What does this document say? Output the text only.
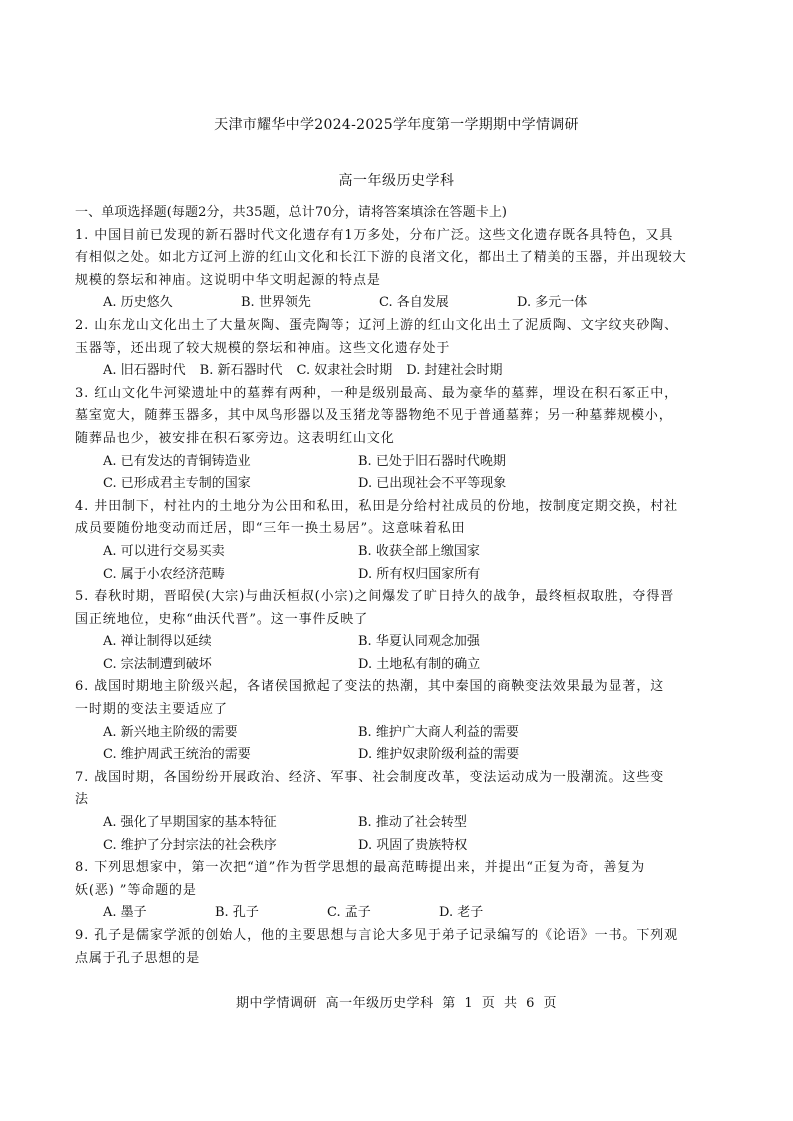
天津市耀华中学2024-2025学年度第一学期期中学情调研
高一年级历史学科
一、单项选择题(每题2分，共35题，总计70分，请将答案填涂在答题卡上)
1. 中国目前已发现的新石器时代文化遗存有1万多处，分布广泛。这些文化遗存既各具特色，又具
有相似之处。如北方辽河上游的红山文化和长江下游的良渚文化，都出土了精美的玉器，并出现较大
规模的祭坛和神庙。这说明中华文明起源的特点是
A. 历史悠久	B. 世界领先	C. 各自发展	D. 多元一体
2. 山东龙山文化出土了大量灰陶、蛋壳陶等；辽河上游的红山文化出土了泥质陶、文字纹夹砂陶、
玉器等，还出现了较大规模的祭坛和神庙。这些文化遗存处于
A. 旧石器时代 B. 新石器时代 C. 奴隶社会时期 D. 封建社会时期
3. 红山文化牛河梁遗址中的墓葬有两种，一种是级别最高、最为豪华的墓葬，埋设在积石冢正中，
墓室宽大，随葬玉器多，其中凤鸟形器以及玉猪龙等器物绝不见于普通墓葬；另一种墓葬规模小，
随葬品也少，被安排在积石冢旁边。这表明红山文化
A. 已有发达的青铜铸造业	B. 已处于旧石器时代晚期
C. 已形成君主专制的国家	D. 已出现社会不平等现象
4. 井田制下，村社内的土地分为公田和私田，私田是分给村社成员的份地，按制度定期交换，村社
成员要随份地变动而迁居，即“三年一换土易居”。这意味着私田
A. 可以进行交易买卖	B. 收获全部上缴国家
C. 属于小农经济范畴	D. 所有权归国家所有
5. 春秋时期，晋昭侯(大宗)与曲沃桓叔(小宗)之间爆发了旷日持久的战争，最终桓叔取胜，夺得晋
国正统地位，史称“曲沃代晋”。这一事件反映了
A. 禅让制得以延续	B. 华夏认同观念加强
C. 宗法制遭到破坏	D. 土地私有制的确立
6. 战国时期地主阶级兴起，各诸侯国掀起了变法的热潮，其中秦国的商鞅变法效果最为显著，这
一时期的变法主要适应了
A. 新兴地主阶级的需要	B. 维护广大商人利益的需要
C. 维护周武王统治的需要	D. 维护奴隶阶级利益的需要
7. 战国时期，各国纷纷开展政治、经济、军事、社会制度改革，变法运动成为一股潮流。这些变
法
A. 强化了早期国家的基本特征	B. 推动了社会转型
C. 维护了分封宗法的社会秩序	D. 巩固了贵族特权
8. 下列思想家中，第一次把“道”作为哲学思想的最高范畴提出来，并提出“正复为奇，善复为
妖(恶) ”等命题的是
A. 墨子	B. 孔子	C. 孟子	D. 老子
9. 孔子是儒家学派的创始人，他的主要思想与言论大多见于弟子记录编写的《论语》一书。下列观
点属于孔子思想的是
期中学情调研 高一年级历史学科 第 1 页 共 6 页
